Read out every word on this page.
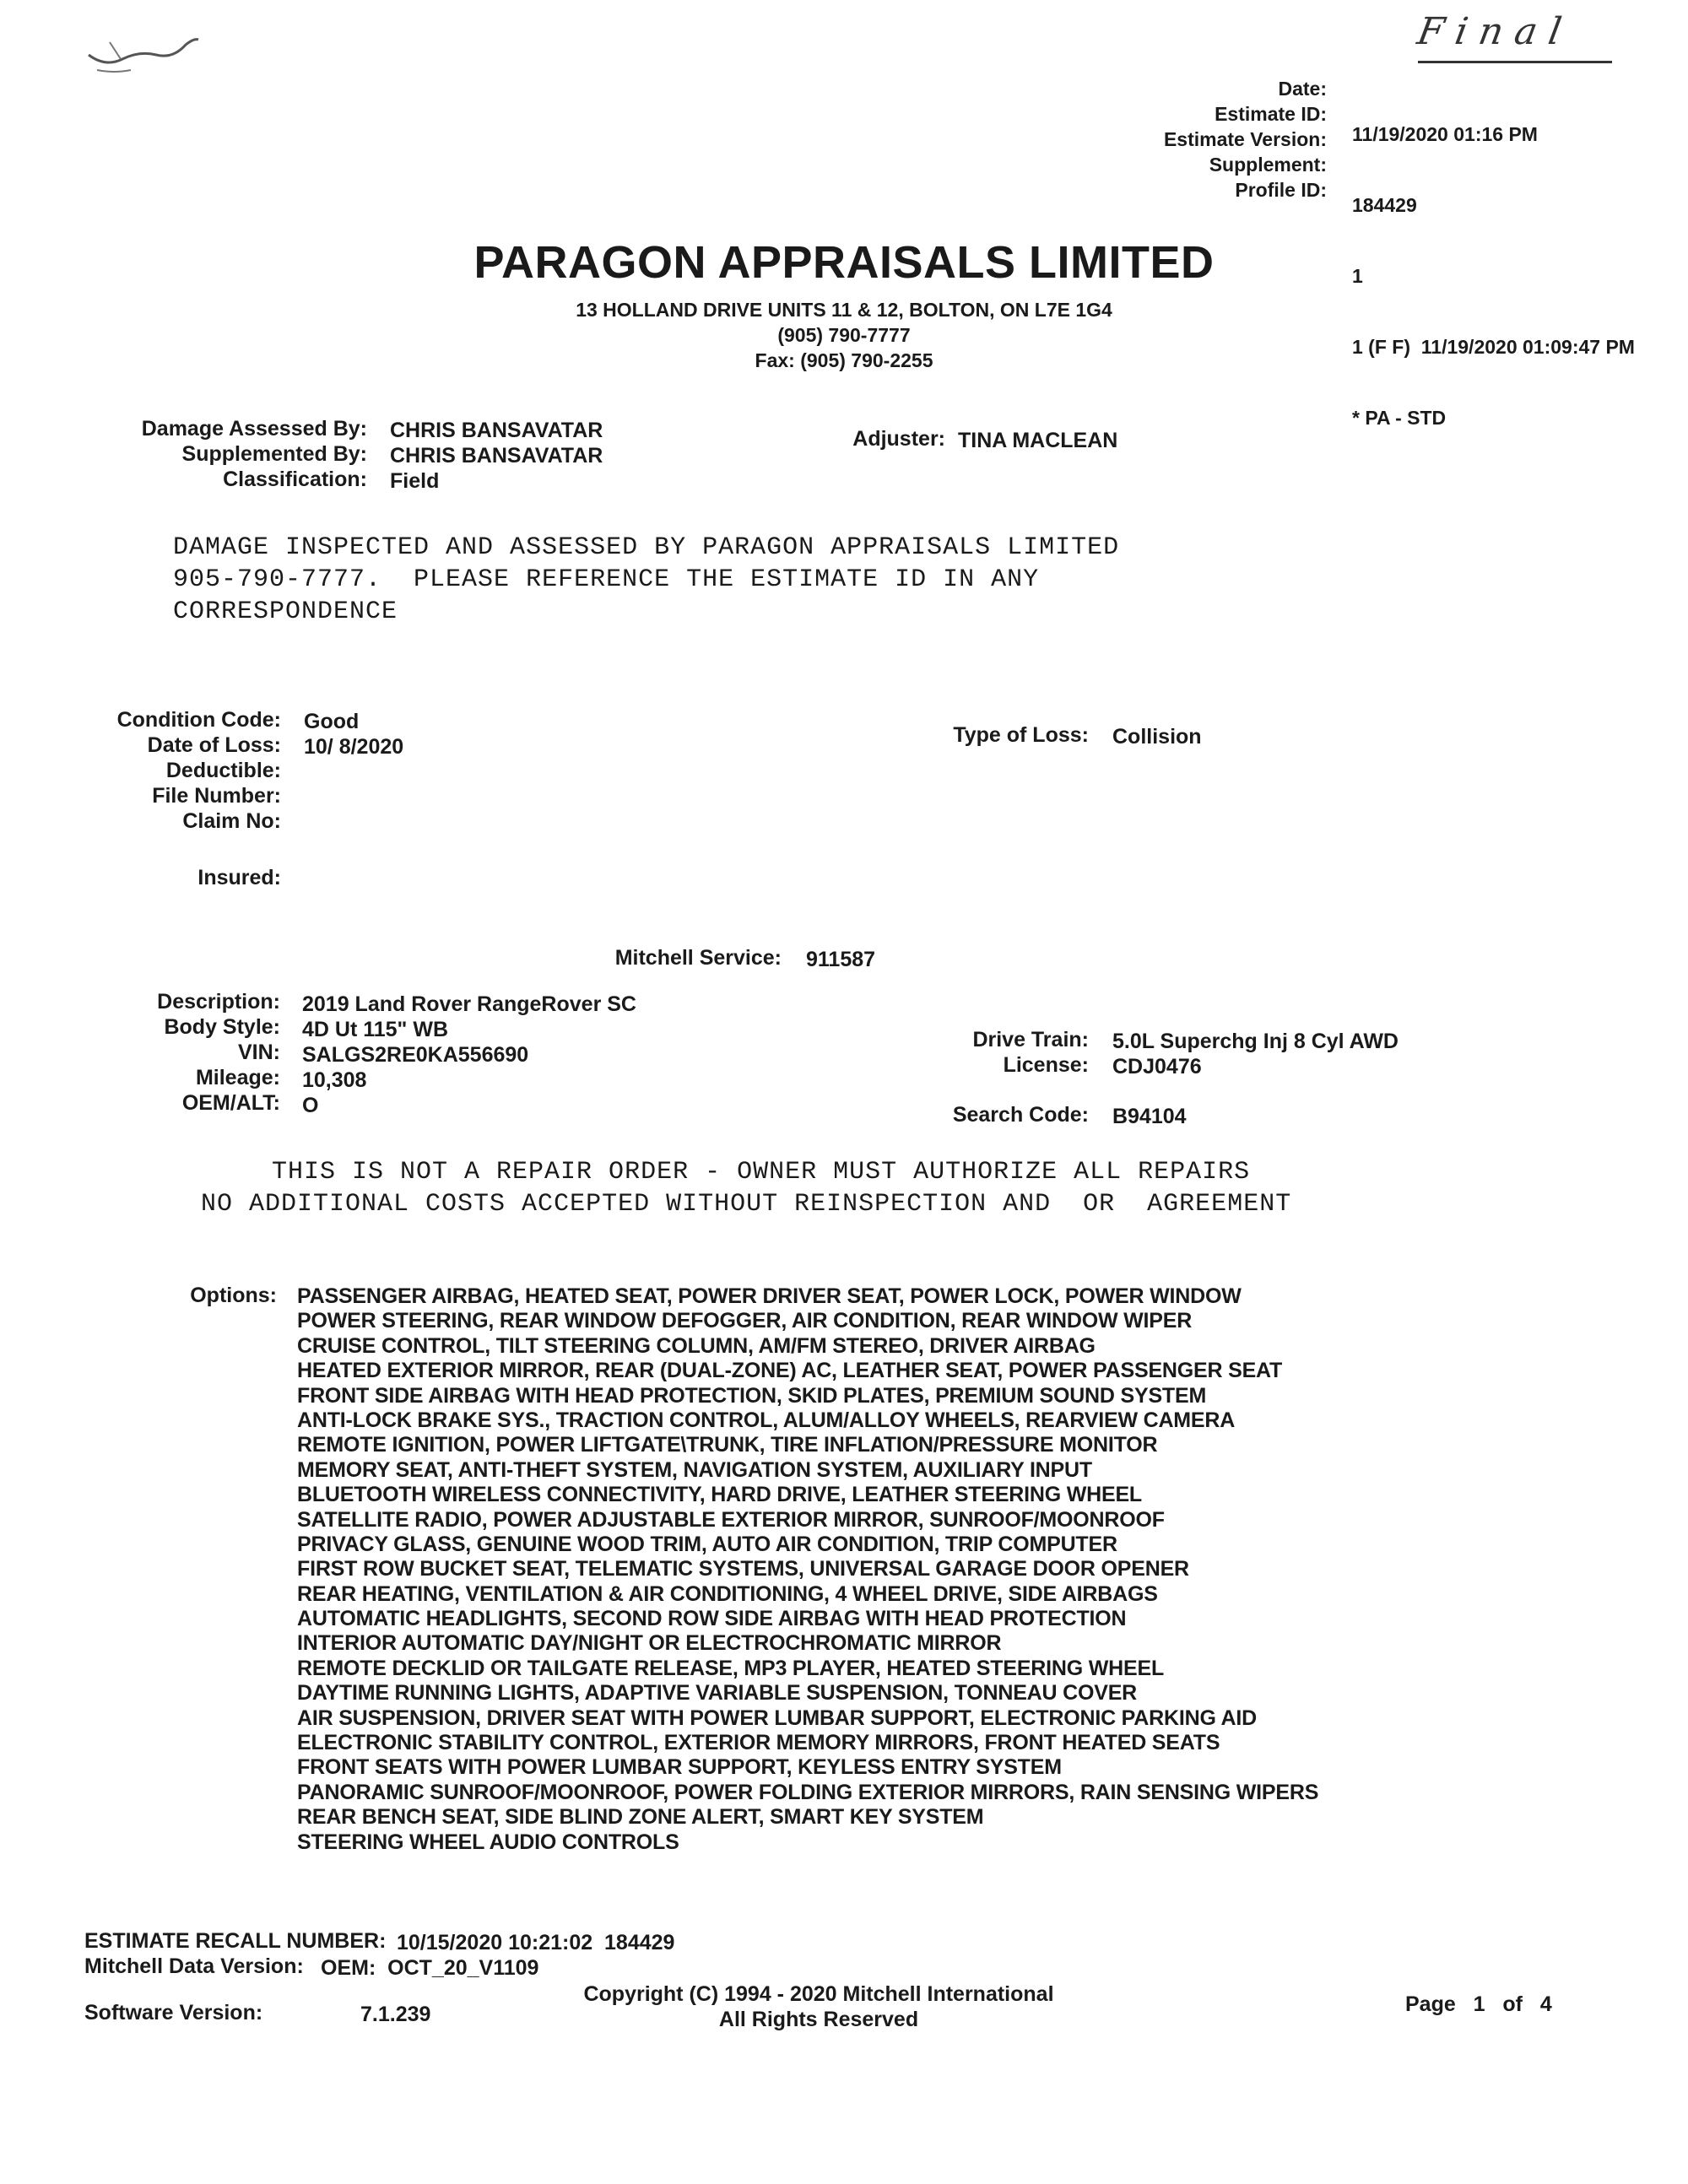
Final
Date:
Estimate ID:
Estimate Version:
Supplement:
Profile ID:

11/19/2020 01:16 PM

184429

1

1 (F F)  11/19/2020 01:09:47 PM

* PA - STD

PARAGON APPRAISALS LIMITED
13 HOLLAND DRIVE UNITS 11 & 12, BOLTON, ON L7E 1G4
(905) 790-7777
Fax: (905) 790-2255
Damage Assessed By:
Supplemented By:
Classification:
CHRIS BANSAVATAR
CHRIS BANSAVATAR
Field
Adjuster: TINA MACLEAN
DAMAGE INSPECTED AND ASSESSED BY PARAGON APPRAISALS LIMITED
905-790-7777.  PLEASE REFERENCE THE ESTIMATE ID IN ANY
CORRESPONDENCE
Condition Code:
Date of Loss:
Deductible:
File Number:
Claim No:
Good
10/ 8/2020
Insured:
Type of Loss: Collision
Mitchell Service: 911587
Description:
Body Style:
VIN:
Mileage:
OEM/ALT:
2019 Land Rover RangeRover SC
4D Ut 115" WB
SALGS2RE0KA556690
10,308
O
Drive Train:
License:
5.0L Superchg Inj 8 Cyl AWD
CDJ0476
Search Code: B94104
THIS IS NOT A REPAIR ORDER - OWNER MUST AUTHORIZE ALL REPAIRS
NO ADDITIONAL COSTS ACCEPTED WITHOUT REINSPECTION AND  OR  AGREEMENT
Options: PASSENGER AIRBAG, HEATED SEAT, POWER DRIVER SEAT, POWER LOCK, POWER WINDOW
POWER STEERING, REAR WINDOW DEFOGGER, AIR CONDITION, REAR WINDOW WIPER
CRUISE CONTROL, TILT STEERING COLUMN, AM/FM STEREO, DRIVER AIRBAG
HEATED EXTERIOR MIRROR, REAR (DUAL-ZONE) AC, LEATHER SEAT, POWER PASSENGER SEAT
FRONT SIDE AIRBAG WITH HEAD PROTECTION, SKID PLATES, PREMIUM SOUND SYSTEM
ANTI-LOCK BRAKE SYS., TRACTION CONTROL, ALUM/ALLOY WHEELS, REARVIEW CAMERA
REMOTE IGNITION, POWER LIFTGATE\TRUNK, TIRE INFLATION/PRESSURE MONITOR
MEMORY SEAT, ANTI-THEFT SYSTEM, NAVIGATION SYSTEM, AUXILIARY INPUT
BLUETOOTH WIRELESS CONNECTIVITY, HARD DRIVE, LEATHER STEERING WHEEL
SATELLITE RADIO, POWER ADJUSTABLE EXTERIOR MIRROR, SUNROOF/MOONROOF
PRIVACY GLASS, GENUINE WOOD TRIM, AUTO AIR CONDITION, TRIP COMPUTER
FIRST ROW BUCKET SEAT, TELEMATIC SYSTEMS, UNIVERSAL GARAGE DOOR OPENER
REAR HEATING, VENTILATION & AIR CONDITIONING, 4 WHEEL DRIVE, SIDE AIRBAGS
AUTOMATIC HEADLIGHTS, SECOND ROW SIDE AIRBAG WITH HEAD PROTECTION
INTERIOR AUTOMATIC DAY/NIGHT OR ELECTROCHROMATIC MIRROR
REMOTE DECKLID OR TAILGATE RELEASE, MP3 PLAYER, HEATED STEERING WHEEL
DAYTIME RUNNING LIGHTS, ADAPTIVE VARIABLE SUSPENSION, TONNEAU COVER
AIR SUSPENSION, DRIVER SEAT WITH POWER LUMBAR SUPPORT, ELECTRONIC PARKING AID
ELECTRONIC STABILITY CONTROL, EXTERIOR MEMORY MIRRORS, FRONT HEATED SEATS
FRONT SEATS WITH POWER LUMBAR SUPPORT, KEYLESS ENTRY SYSTEM
PANORAMIC SUNROOF/MOONROOF, POWER FOLDING EXTERIOR MIRRORS, RAIN SENSING WIPERS
REAR BENCH SEAT, SIDE BLIND ZONE ALERT, SMART KEY SYSTEM
STEERING WHEEL AUDIO CONTROLS
ESTIMATE RECALL NUMBER: 10/15/2020 10:21:02  184429
Mitchell Data Version: OEM:  OCT_20_V1109
Software Version:	7.1.239
Copyright (C) 1994 - 2020 Mitchell International
All Rights Reserved
Page 1 of 4
